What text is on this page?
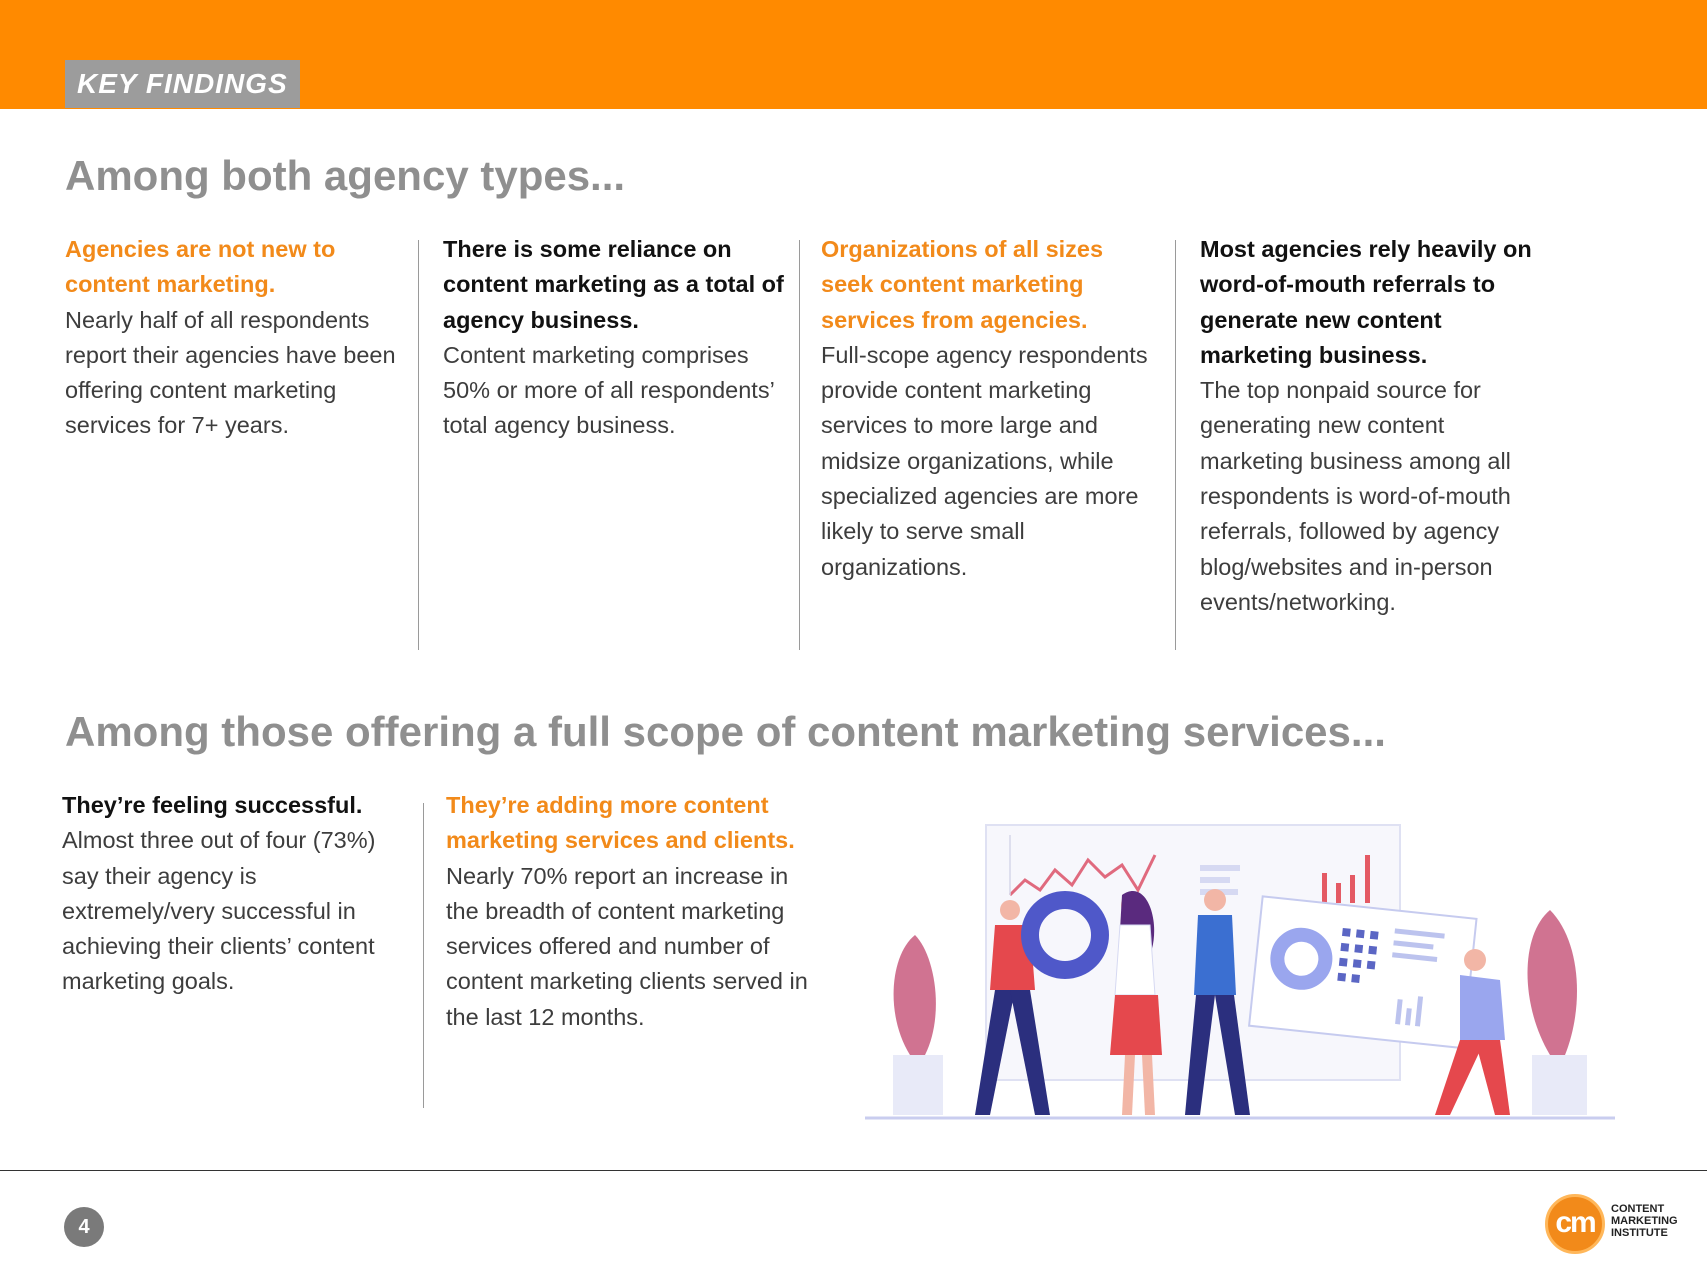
KEY FINDINGS
Among both agency types...
Agencies are not new to content marketing.
Nearly half of all respondents report their agencies have been offering content marketing services for 7+ years.
There is some reliance on content marketing as a total of agency business.
Content marketing comprises 50% or more of all respondents’ total agency business.
Organizations of all sizes seek content marketing services from agencies.
Full-scope agency respondents provide content marketing services to more large and midsize organizations, while specialized agencies are more likely to serve small organizations.
Most agencies rely heavily on word-of-mouth referrals to generate new content marketing business.
The top nonpaid source for generating new content marketing business among all respondents is word-of-mouth referrals, followed by agency blog/websites and in-person events/networking.
Among those offering a full scope of content marketing services...
They’re feeling successful.
Almost three out of four (73%) say their agency is extremely/very successful in achieving their clients’ content marketing goals.
They’re adding more content marketing services and clients.
Nearly 70% report an increase in the breadth of content marketing services offered and number of content marketing clients served in the last 12 months.
4	cm	CONTENT
MARKETING
INSTITUTE
